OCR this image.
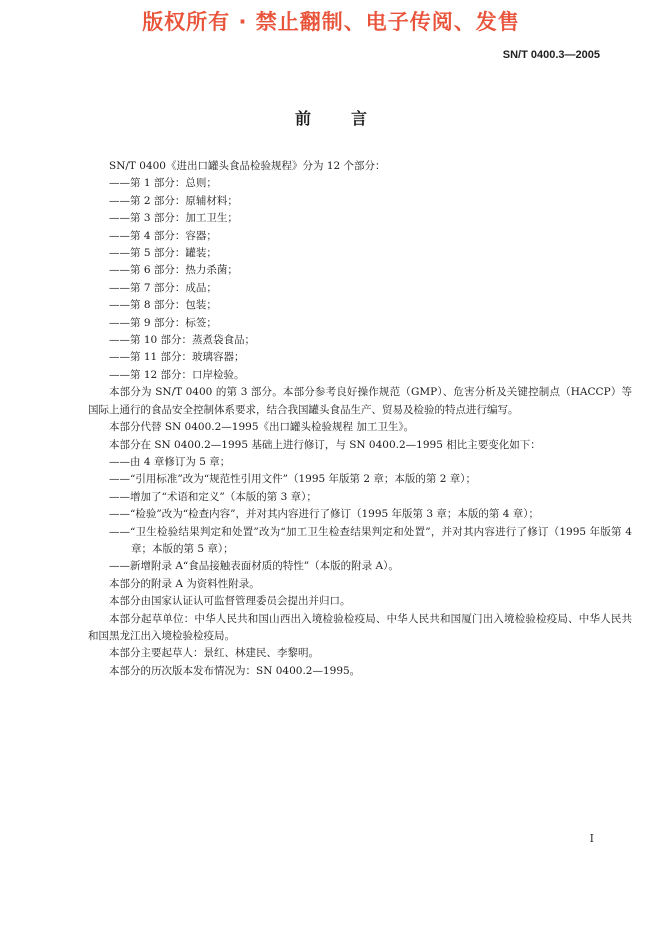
版权所有 · 禁止翻制、电子传阅、发售
SN/T 0400.3—2005
前言

SN/T 0400《进出口罐头食品检验规程》分为 12 个部分：

——第 1 部分：总则；

——第 2 部分：原辅材料；

——第 3 部分：加工卫生；

——第 4 部分：容器；

——第 5 部分：罐装；

——第 6 部分：热力杀菌；

——第 7 部分：成品；

——第 8 部分：包装；

——第 9 部分：标签；

——第 10 部分：蒸煮袋食品；

——第 11 部分：玻璃容器；

——第 12 部分：口岸检验。

本部分为 SN/T 0400 的第 3 部分。本部分参考良好操作规范（GMP）、危害分析及关键控制点（HACCP）等国际上通行的食品安全控制体系要求，结合我国罐头食品生产、贸易及检验的特点进行编写。

本部分代替 SN 0400.2—1995《出口罐头检验规程 加工卫生》。

本部分在 SN 0400.2—1995 基础上进行修订，与 SN 0400.2—1995 相比主要变化如下：

——由 4 章修订为 5 章；

——“引用标准”改为“规范性引用文件”（1995 年版第 2 章；本版的第 2 章）；

——增加了“术语和定义”（本版的第 3 章）；

——“检验”改为“检查内容”，并对其内容进行了修订（1995 年版第 3 章；本版的第 4 章）；

——“卫生检验结果判定和处置”改为“加工卫生检查结果判定和处置”，并对其内容进行了修订（1995 年版第 4 章；本版的第 5 章）；

——新增附录 A“食品接触表面材质的特性”（本版的附录 A）。

本部分的附录 A 为资料性附录。

本部分由国家认证认可监督管理委员会提出并归口。

本部分起草单位：中华人民共和国山西出入境检验检疫局、中华人民共和国厦门出入境检验检疫局、中华人民共和国黑龙江出入境检验检疫局。

本部分主要起草人：景红、林建民、李黎明。

本部分的历次版本发布情况为：SN 0400.2—1995。

I
